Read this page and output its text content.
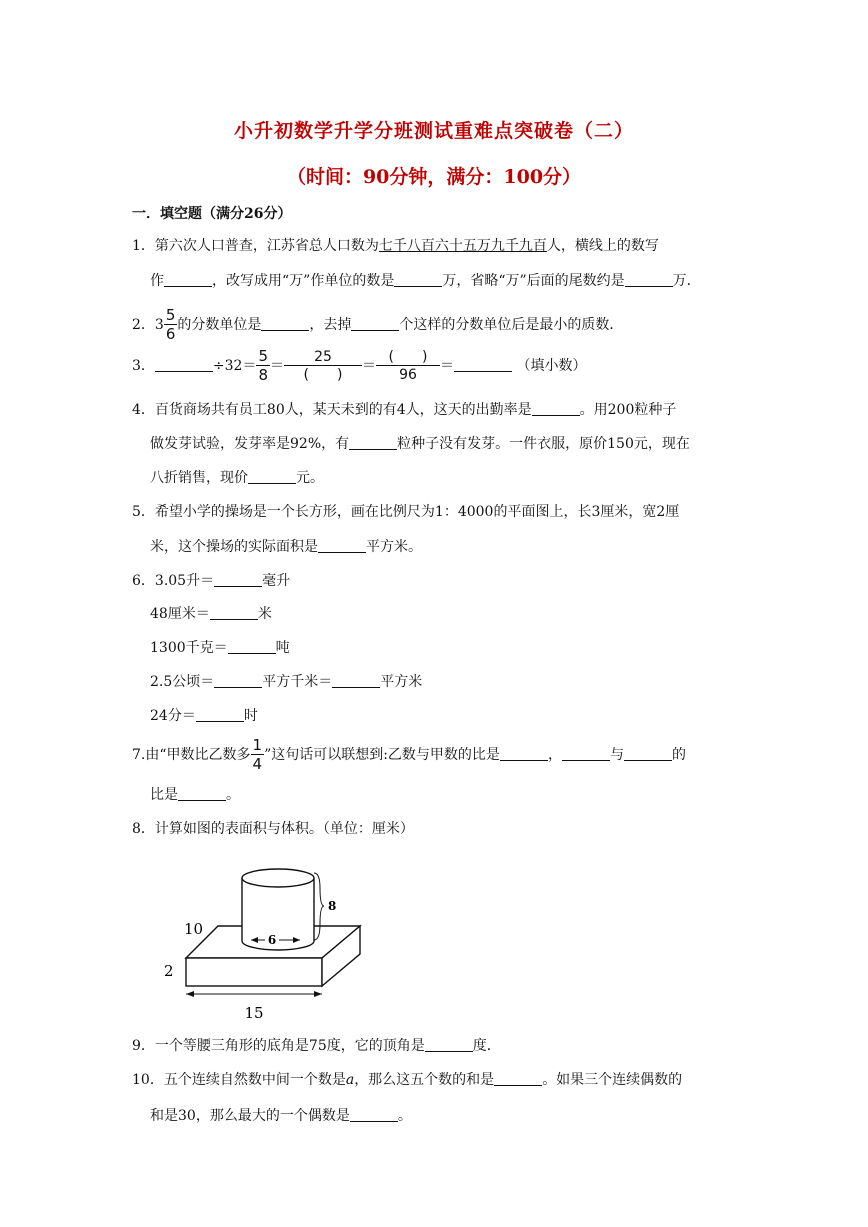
小升初数学升学分班测试重难点突破卷（二）
（时间：90分钟，满分：100分）
一．填空题（满分26分）
1．第六次人口普查，江苏省总人口数为七千八百六十五万九千九百人，横线上的数写
作	，改写成用“万”作单位的数是	万，省略“万”后面的尾数约是	万．
2．$3 \frac{5}{6}$ 的分数单位是	，去掉	个这样的分数单位后是最小的质数．
3．	$\div 32= \frac{5}{8} = \frac{25}{( )} = \frac{( )}{96}$ ＝	（填小数）
4．百货商场共有员工80人，某天未到的有4人，这天的出勤率是	。用200粒种子
做发芽试验，发芽率是92%，有	粒种子没有发芽。一件衣服，原价150元，现在
八折销售，现价	元。
5．希望小学的操场是一个长方形，画在比例尺为1：4000的平面图上，长3厘米，宽2厘
米，这个操场的实际面积是	平方米。
6．3.05升＝	毫升
48厘米＝	米
1300千克＝	吨
2.5公顷＝	平方千米＝	平方米
24分＝	时
7.由“甲数比乙数多 $\frac{1}{4}$ ”这句话可以联想到:乙数与甲数的比是	，	与	的
比是	。
8．计算如图的表面积与体积。（单位：厘米）
6
8
10
2
15
9．一个等腰三角形的底角是75度，它的顶角是	度．
10．五个连续自然数中间一个数是a，那么这五个数的和是	。如果三个连续偶数的
和是30，那么最大的一个偶数是	。
